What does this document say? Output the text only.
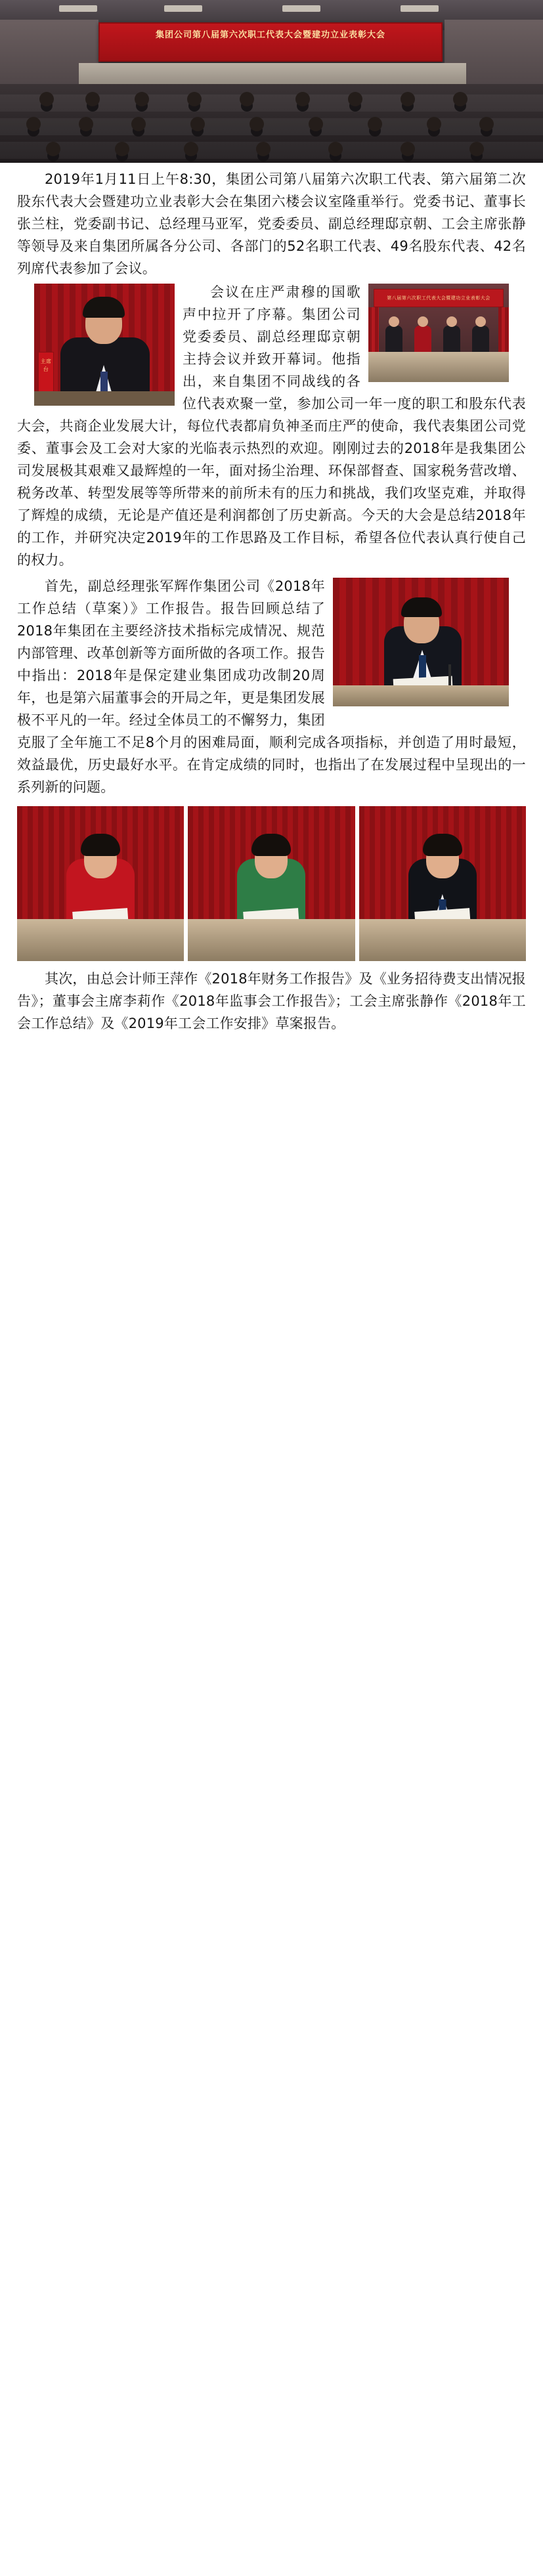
集团公司第八届第六次职工代表大会暨建功立业表彰大会

2019年1月11日上午8:30，集团公司第八届第六次职工代表、第六届第二次股东代表大会暨建功立业表彰大会在集团六楼会议室隆重举行。党委书记、董事长张兰柱，党委副书记、总经理马亚军，党委委员、副总经理邸京朝、工会主席张静等领导及来自集团所属各分公司、各部门的52名职工代表、49名股东代表、42名列席代表参加了会议。

第八届第六次职工代表大会暨建功立业表彰大会
主席台

会议在庄严肃穆的国歌声中拉开了序幕。集团公司党委委员、副总经理邸京朝主持会议并致开幕词。他指出，来自集团不同战线的各位代表欢聚一堂，参加公司一年一度的职工和股东代表大会，共商企业发展大计，每位代表都肩负神圣而庄严的使命，我代表集团公司党委、董事会及工会对大家的光临表示热烈的欢迎。刚刚过去的2018年是我集团公司发展极其艰难又最辉煌的一年，面对扬尘治理、环保部督查、国家税务营改增、税务改革、转型发展等等所带来的前所未有的压力和挑战，我们攻坚克难，并取得了辉煌的成绩，无论是产值还是利润都创了历史新高。今天的大会是总结2018年的工作，并研究决定2019年的工作思路及工作目标，希望各位代表认真行使自己的权力。

首先，副总经理张军辉作集团公司《2018年工作总结（草案）》工作报告。报告回顾总结了2018年集团在主要经济技术指标完成情况、规范内部管理、改革创新等方面所做的各项工作。报告中指出：2018年是保定建业集团成功改制20周年，也是第六届董事会的开局之年，更是集团发展极不平凡的一年。经过全体员工的不懈努力，集团克服了全年施工不足8个月的困难局面，顺利完成各项指标，并创造了用时最短，效益最优，历史最好水平。在肯定成绩的同时，也指出了在发展过程中呈现出的一系列新的问题。

其次，由总会计师王萍作《2018年财务工作报告》及《业务招待费支出情况报告》；董事会主席李莉作《2018年监事会工作报告》；工会主席张静作《2018年工会工作总结》及《2019年工会工作安排》草案报告。
